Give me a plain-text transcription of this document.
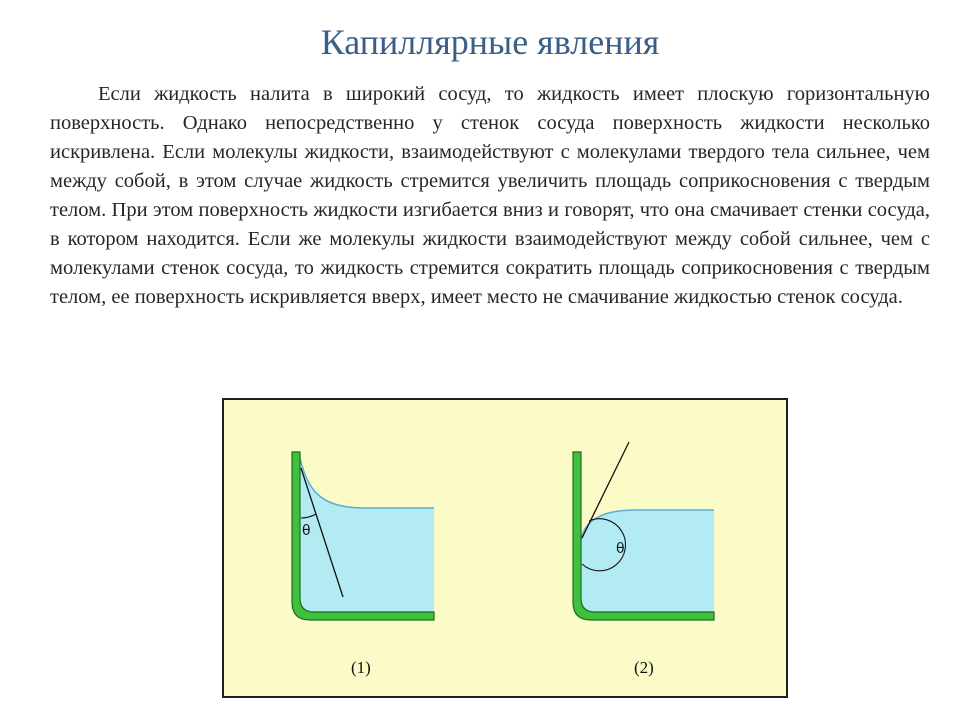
Капиллярные явления

Если жидкость налита в широкий сосуд, то жидкость имеет плоскую горизонтальную поверхность. Однако непосредственно у стенок сосуда поверхность жидкости несколько искривлена. Если молекулы жидкости, взаимодействуют с молекулами твердого тела сильнее, чем между собой, в этом случае жидкость стремится увеличить площадь соприкосновения с твердым телом. При этом поверхность жидкости изгибается вниз и говорят, что она смачивает стенки сосуда, в котором находится. Если же молекулы жидкости взаимодействуют между собой сильнее, чем с молекулами стенок сосуда, то жидкость стремится сократить площадь соприкосновения с твердым телом, ее поверхность искривляется вверх, имеет место не смачивание жидкостью стенок сосуда.

θ
(1)
θ
(2)
